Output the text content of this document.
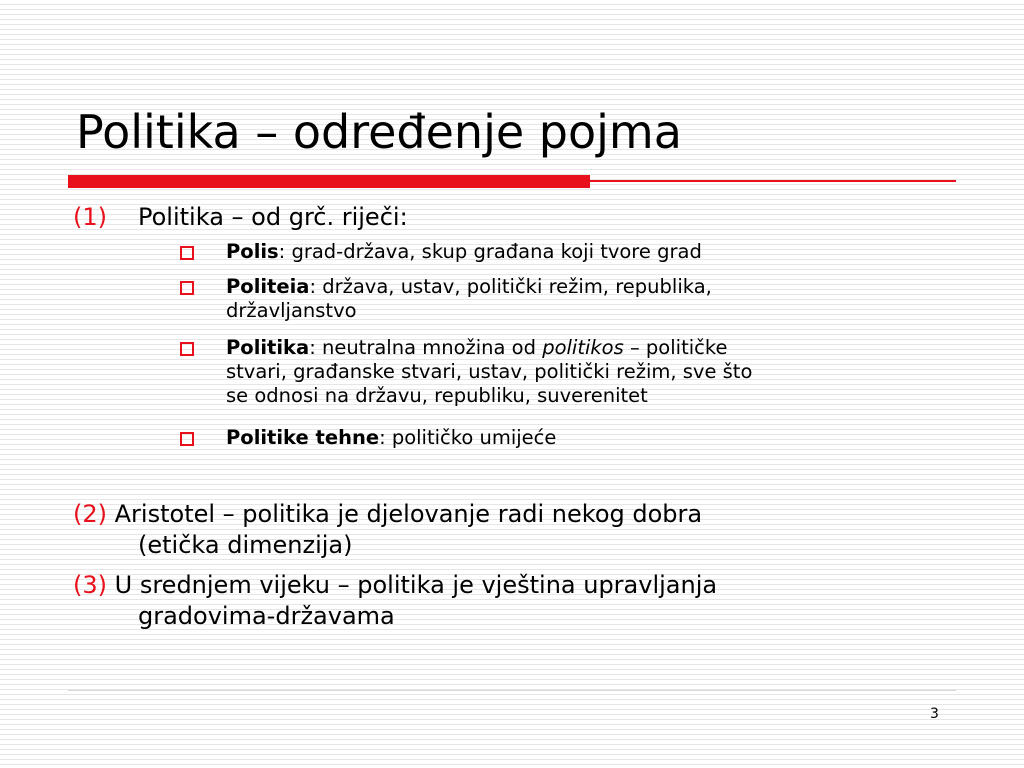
Politika – određenje pojma

(1) Politika – od grč. riječi:

Polis: grad-država, skup građana koji tvore grad

Politeia: država, ustav, politički režim, republika,
državljanstvo

Politika: neutralna množina od politikos – političke
stvari, građanske stvari, ustav, politički režim, sve što
se odnosi na državu, republiku, suverenitet

Politike tehne: političko umijeće

(2) Aristotel – politika je djelovanje radi nekog dobra
(etička dimenzija)

(3) U srednjem vijeku – politika je vještina upravljanja
gradovima-državama

3
